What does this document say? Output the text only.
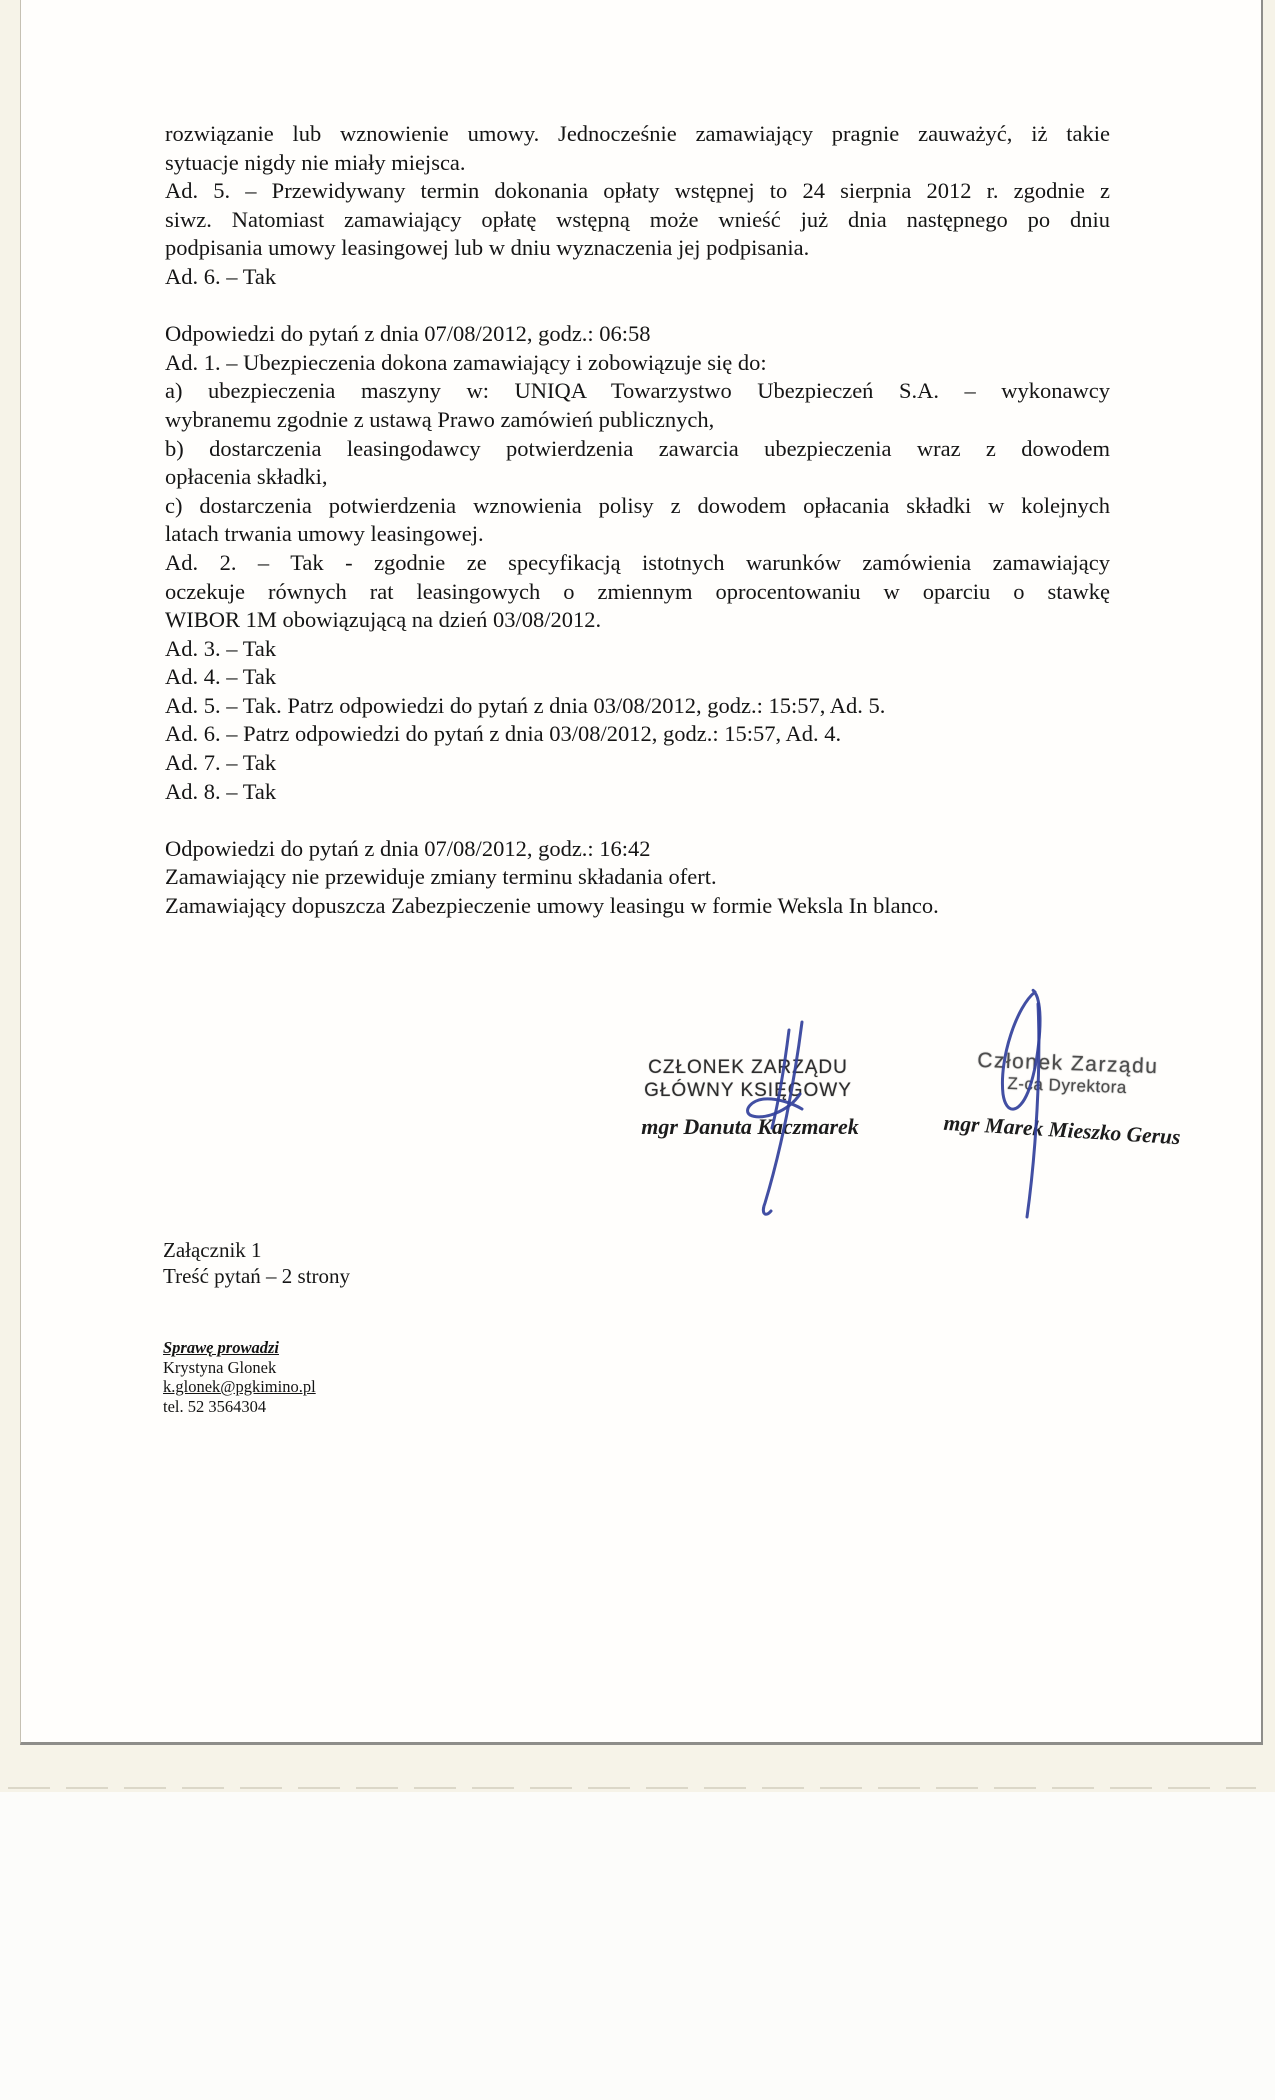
rozwiązanie lub wznowienie umowy. Jednocześnie zamawiający pragnie zauważyć, iż takie
sytuacje nigdy nie miały miejsca.
Ad. 5. – Przewidywany termin dokonania opłaty wstępnej to 24 sierpnia 2012 r. zgodnie z
siwz. Natomiast zamawiający opłatę wstępną może wnieść już dnia następnego po dniu
podpisania umowy leasingowej lub w dniu wyznaczenia jej podpisania.
Ad. 6. – Tak
Odpowiedzi do pytań z dnia 07/08/2012, godz.: 06:58
Ad. 1. – Ubezpieczenia dokona zamawiający i zobowiązuje się do:
a) ubezpieczenia maszyny w: UNIQA Towarzystwo Ubezpieczeń S.A. – wykonawcy
wybranemu zgodnie z ustawą Prawo zamówień publicznych,
b) dostarczenia leasingodawcy potwierdzenia zawarcia ubezpieczenia wraz z dowodem
opłacenia składki,
c) dostarczenia potwierdzenia wznowienia polisy z dowodem opłacania składki w kolejnych
latach trwania umowy leasingowej.
Ad. 2. – Tak - zgodnie ze specyfikacją istotnych warunków zamówienia zamawiający
oczekuje równych rat leasingowych o zmiennym oprocentowaniu w oparciu o stawkę
WIBOR 1M obowiązującą na dzień 03/08/2012.
Ad. 3. – Tak
Ad. 4. – Tak
Ad. 5. – Tak. Patrz odpowiedzi do pytań z dnia 03/08/2012, godz.: 15:57, Ad. 5.
Ad. 6. – Patrz odpowiedzi do pytań z dnia 03/08/2012, godz.: 15:57, Ad. 4.
Ad. 7. – Tak
Ad. 8. – Tak
Odpowiedzi do pytań z dnia 07/08/2012, godz.: 16:42
Zamawiający nie przewiduje zmiany terminu składania ofert.
Zamawiający dopuszcza Zabezpieczenie umowy leasingu w formie Weksla In blanco.
CZŁONEK ZARZĄDU
GŁÓWNY KSIĘGOWY
mgr Danuta Kaczmarek
Członek Zarządu
Z-ca Dyrektora
mgr Marek Mieszko Gerus
Załącznik 1
Treść pytań – 2 strony
Sprawę prowadzi
Krystyna Glonek
k.glonek@pgkimino.pl
tel. 52 3564304
